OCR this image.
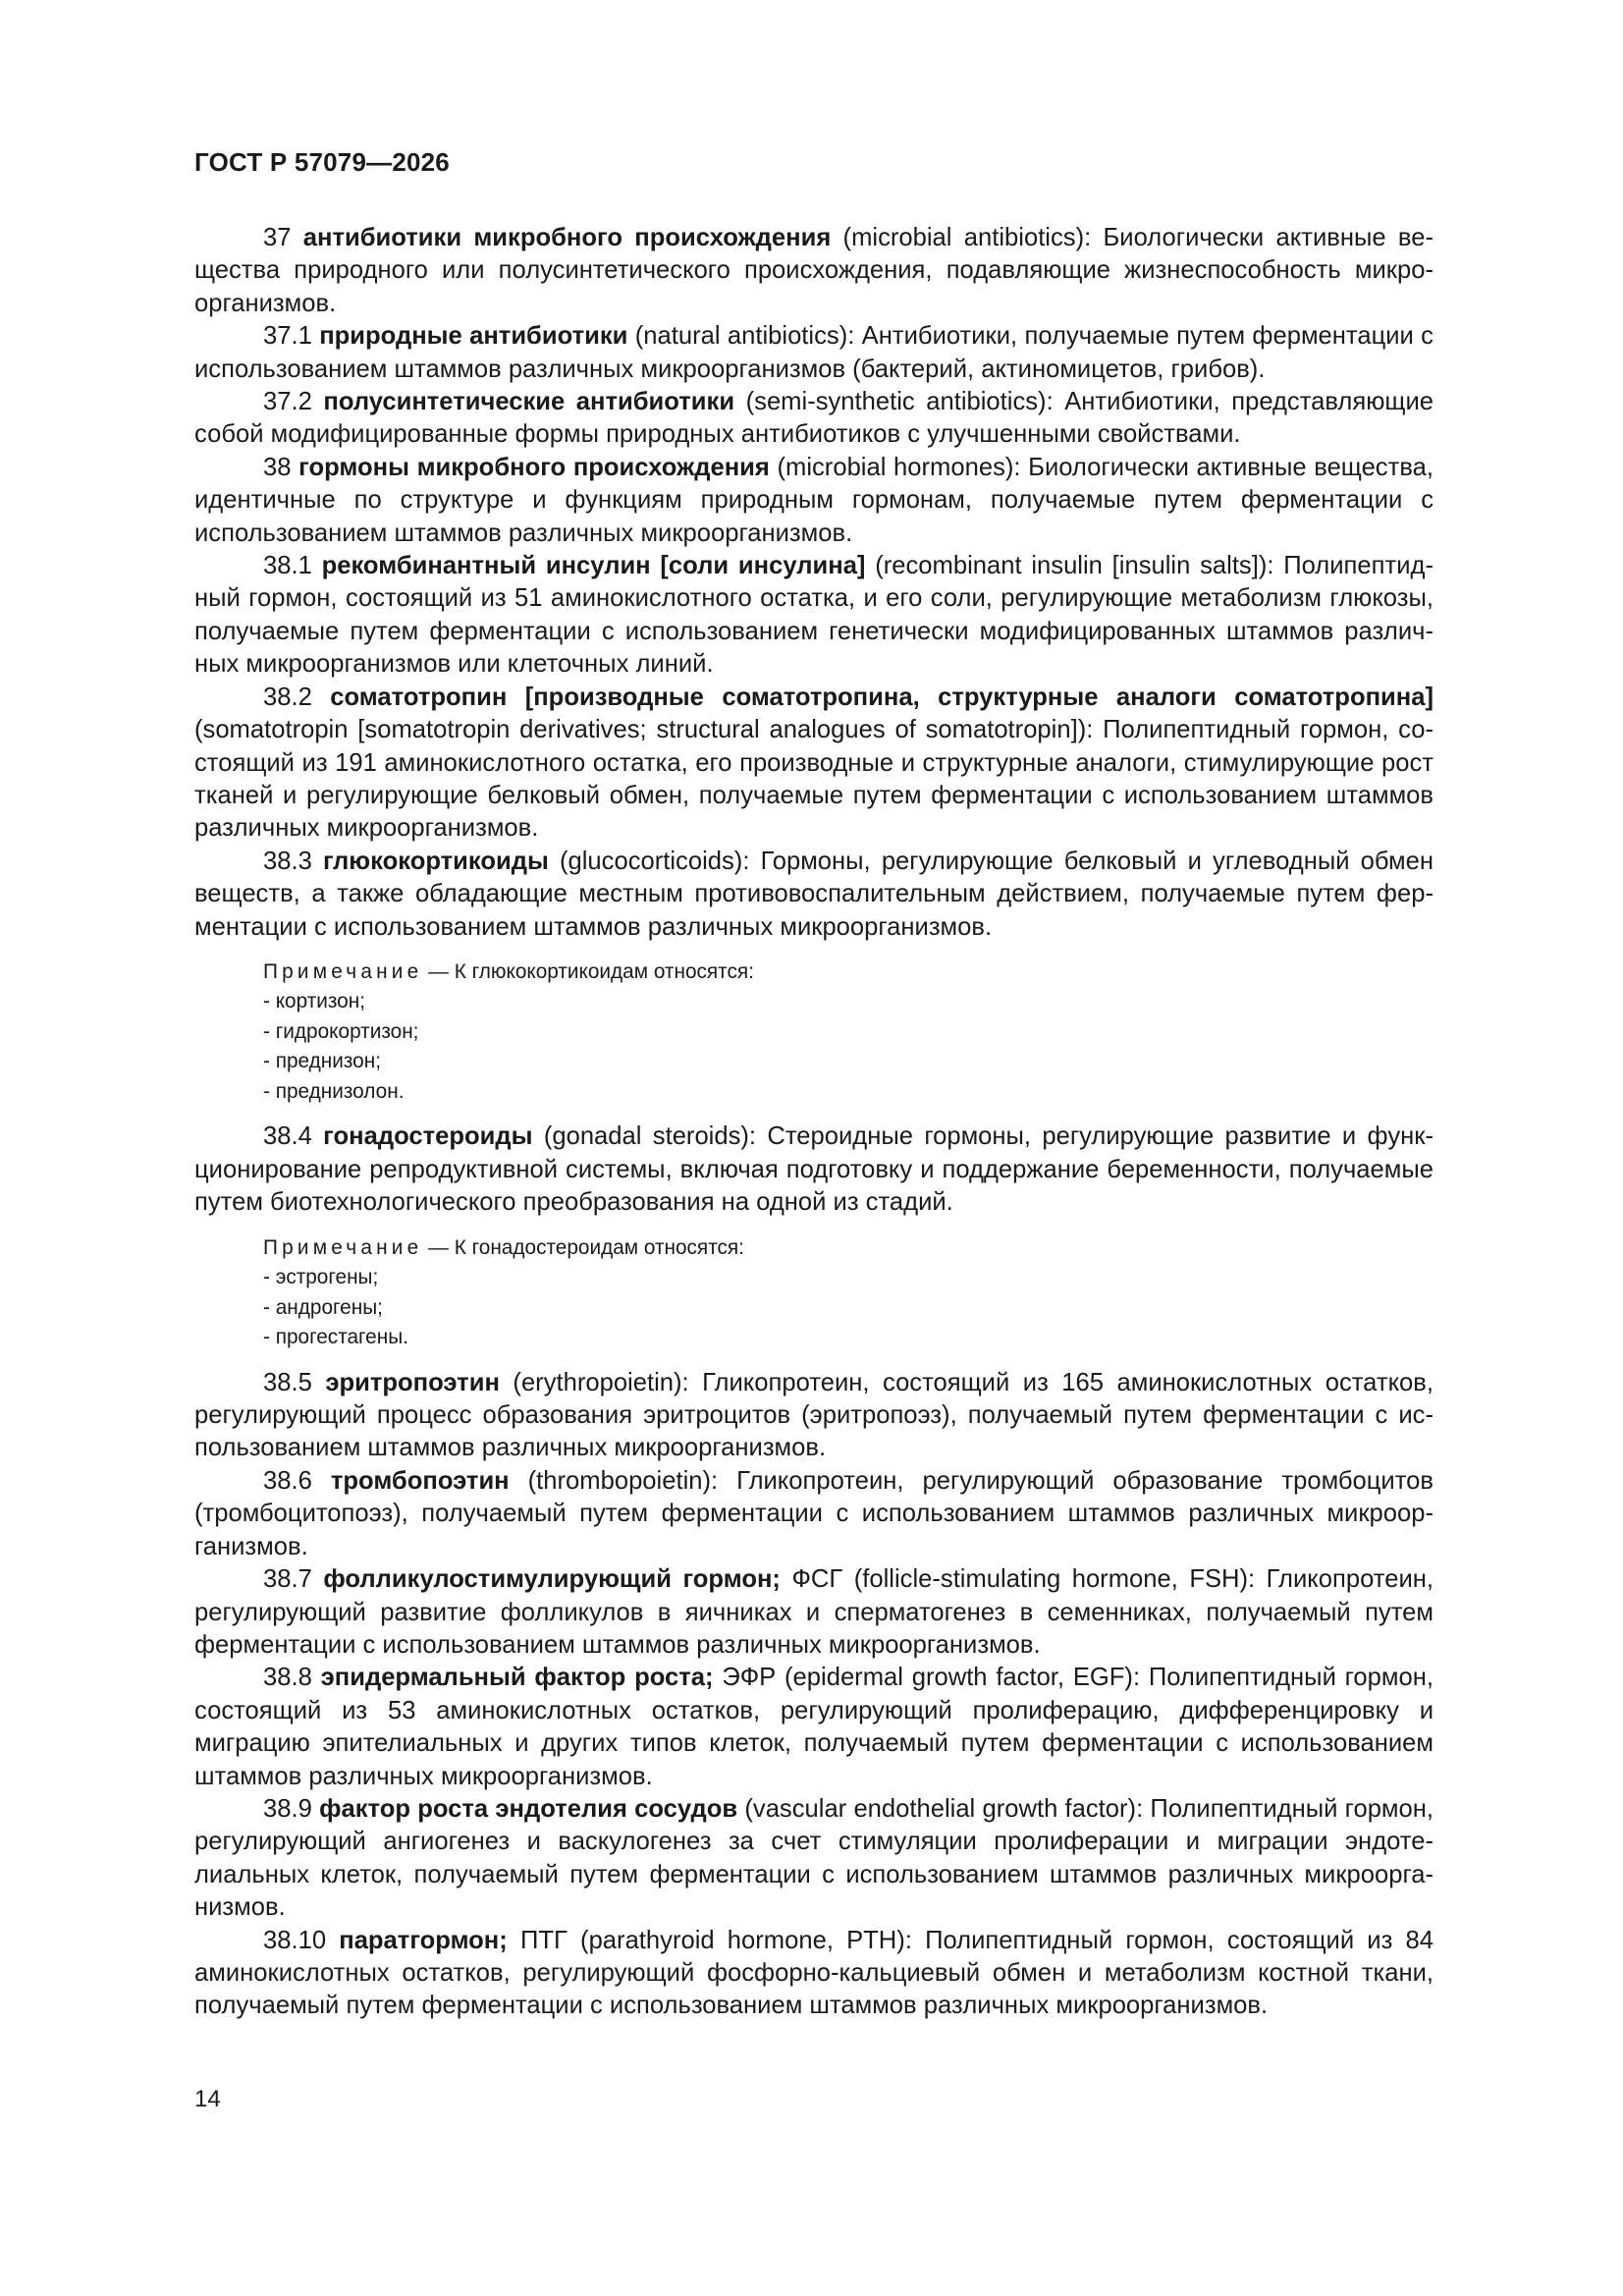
ГОСТ Р 57079—2026

37 антибиотики микробного происхождения (microbial antibiotics): Биологически активные вещества природного или полусинтетического происхождения, подавляющие жизнеспособность микроорганизмов.

37.1 природные антибиотики (natural antibiotics): Антибиотики, получаемые путем ферментации с использованием штаммов различных микроорганизмов (бактерий, актиномицетов, грибов).

37.2 полусинтетические антибиотики (semi-synthetic antibiotics): Антибиотики, представляющие собой модифицированные формы природных антибиотиков с улучшенными свойствами.

38 гормоны микробного происхождения (microbial hormones): Биологически активные вещества, идентичные по структуре и функциям природным гормонам, получаемые путем ферментации с использованием штаммов различных микроорганизмов.

38.1 рекомбинантный инсулин [соли инсулина] (recombinant insulin [insulin salts]): Полипептидный гормон, состоящий из 51 аминокислотного остатка, и его соли, регулирующие метаболизм глюкозы, получаемые путем ферментации с использованием генетически модифицированных штаммов различных микроорганизмов или клеточных линий.

38.2 соматотропин [производные соматотропина, структурные аналоги соматотропина] (somatotropin [somatotropin derivatives; structural analogues of somatotropin]): Полипептидный гормон, состоящий из 191 аминокислотного остатка, его производные и структурные аналоги, стимулирующие рост тканей и регулирующие белковый обмен, получаемые путем ферментации с использованием штаммов различных микроорганизмов.

38.3 глюкокортикоиды (glucocorticoids): Гормоны, регулирующие белковый и углеводный обмен веществ, а также обладающие местным противовоспалительным действием, получаемые путем ферментации с использованием штаммов различных микроорганизмов.

Примечание — К глюкокортикоидам относятся:
- кортизон;
- гидрокортизон;
- преднизон;
- преднизолон.

38.4 гонадостероиды (gonadal steroids): Стероидные гормоны, регулирующие развитие и функционирование репродуктивной системы, включая подготовку и поддержание беременности, получаемые путем биотехнологического преобразования на одной из стадий.

Примечание — К гонадостероидам относятся:
- эстрогены;
- андрогены;
- прогестагены.

38.5 эритропоэтин (erythropoietin): Гликопротеин, состоящий из 165 аминокислотных остатков, регулирующий процесс образования эритроцитов (эритропоэз), получаемый путем ферментации с использованием штаммов различных микроорганизмов.

38.6 тромбопоэтин (thrombopoietin): Гликопротеин, регулирующий образование тромбоцитов (тромбоцитопоэз), получаемый путем ферментации с использованием штаммов различных микроорганизмов.

38.7 фолликулостимулирующий гормон; ФСГ (follicle-stimulating hormone, FSH): Гликопротеин, регулирующий развитие фолликулов в яичниках и сперматогенез в семенниках, получаемый путем ферментации с использованием штаммов различных микроорганизмов.

38.8 эпидермальный фактор роста; ЭФР (epidermal growth factor, EGF): Полипептидный гормон, состоящий из 53 аминокислотных остатков, регулирующий пролиферацию, дифференцировку и миграцию эпителиальных и других типов клеток, получаемый путем ферментации с использованием штаммов различных микроорганизмов.

38.9 фактор роста эндотелия сосудов (vascular endothelial growth factor): Полипептидный гормон, регулирующий ангиогенез и васкулогенез за счет стимуляции пролиферации и миграции эндотелиальных клеток, получаемый путем ферментации с использованием штаммов различных микроорганизмов.

38.10 паратгормон; ПТГ (parathyroid hormone, PTH): Полипептидный гормон, состоящий из 84 аминокислотных остатков, регулирующий фосфорно-кальциевый обмен и метаболизм костной ткани, получаемый путем ферментации с использованием штаммов различных микроорганизмов.

14
